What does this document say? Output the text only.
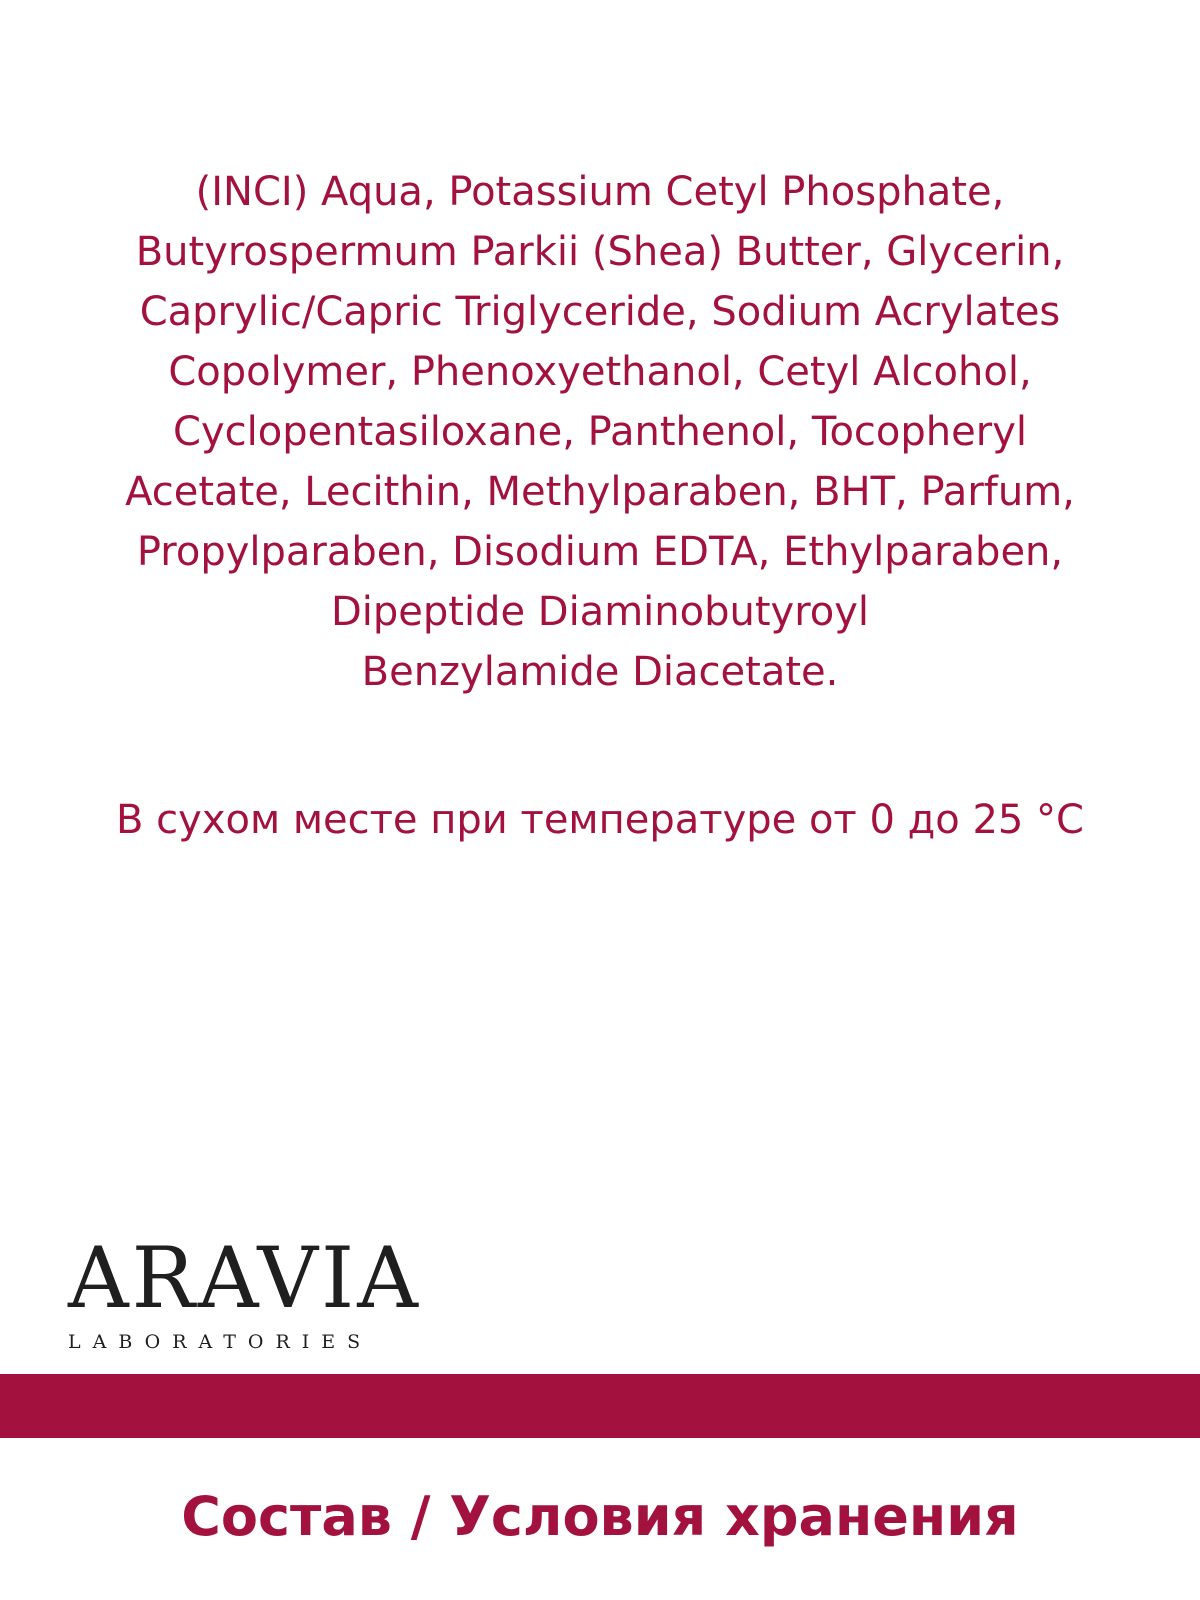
(INCI) Aqua, Potassium Cetyl Phosphate,
Butyrospermum Parkii (Shea) Butter, Glycerin,
Caprylic/Capric Triglyceride, Sodium Acrylates
Copolymer, Phenoxyethanol, Cetyl Alcohol,
Cyclopentasiloxane, Panthenol, Tocopheryl
Acetate, Lecithin, Methylparaben, BHT, Parfum,
Propylparaben, Disodium EDTA, Ethylparaben,
Dipeptide Diaminobutyroyl
Benzylamide Diacetate.
В сухом месте при температуре от 0 до 25 °C
ARAVIA
LABORATORIES
Состав / Условия хранения
